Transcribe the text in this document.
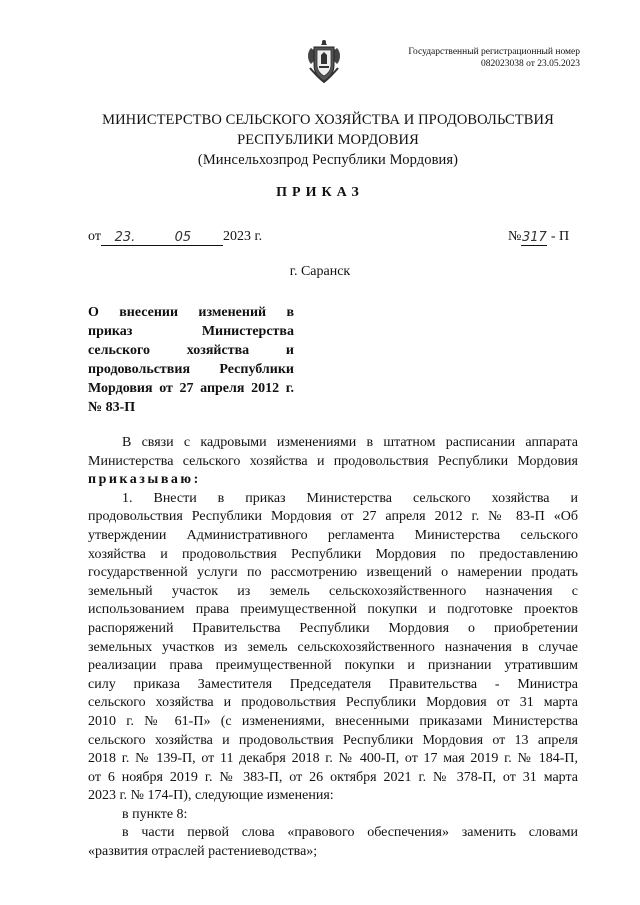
Государственный регистрационный номер
082023038 от 23.05.2023
МИНИСТЕРСТВО СЕЛЬСКОГО ХОЗЯЙСТВА И ПРОДОВОЛЬСТВИЯ
РЕСПУБЛИКИ МОРДОВИЯ
(Минсельхозпрод Республики Мордовия)
ПРИКАЗ
от 23.	05 2023 г.	№317 - П
г. Саранск
О внесении изменений в
приказ Министерства
сельского хозяйства и
продовольствия Республики
Мордовия от 27 апреля 2012 г.
№ 83-П
В связи с кадровыми изменениями в штатном расписании аппарата
Министерства сельского хозяйства и продовольствия Республики Мордовия
приказываю:
1. Внести в приказ Министерства сельского хозяйства и
продовольствия Республики Мордовия от 27 апреля 2012 г. № 83-П «Об
утверждении Административного регламента Министерства сельского
хозяйства и продовольствия Республики Мордовия по предоставлению
государственной услуги по рассмотрению извещений о намерении продать
земельный участок из земель сельскохозяйственного назначения с
использованием права преимущественной покупки и подготовке проектов
распоряжений Правительства Республики Мордовия о приобретении
земельных участков из земель сельскохозяйственного назначения в случае
реализации права преимущественной покупки и признании утратившим
силу приказа Заместителя Председателя Правительства - Министра
сельского хозяйства и продовольствия Республики Мордовия от 31 марта
2010 г. № 61-П» (с изменениями, внесенными приказами Министерства
сельского хозяйства и продовольствия Республики Мордовия от 13 апреля
2018 г. № 139-П, от 11 декабря 2018 г. № 400-П, от 17 мая 2019 г. № 184-П,
от 6 ноября 2019 г. № 383-П, от 26 октября 2021 г. № 378-П, от 31 марта
2023 г. № 174-П), следующие изменения:
в пункте 8:
в части первой слова «правового обеспечения» заменить словами
«развития отраслей растениеводства»;
